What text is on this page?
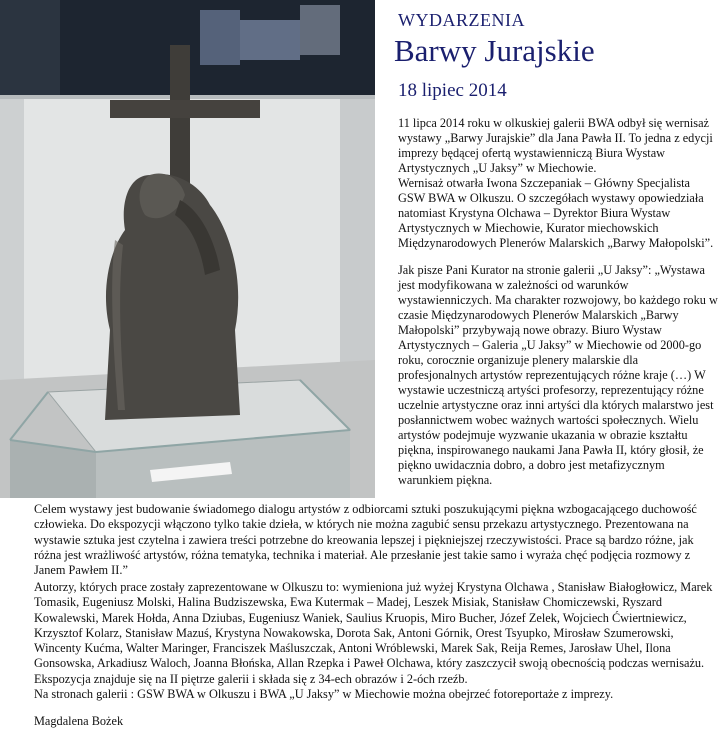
WYDARZENIA
Barwy Jurajskie
18 lipiec 2014

11 lipca 2014 roku w olkuskiej galerii BWA odbył się wernisaż wystawy „Barwy Jurajskie” dla Jana Pawła II. To jedna z edycji imprezy będącej ofertą wystawienniczą Biura Wystaw Artystycznych „U Jaksy” w Miechowie.

Wernisaż otwarła Iwona Szczepaniak – Główny Specjalista GSW BWA w Olkuszu. O szczegółach wystawy opowiedziała natomiast Krystyna Olchawa – Dyrektor Biura Wystaw Artystycznych w Miechowie, Kurator miechowskich Międzynarodowych Plenerów Malarskich „Barwy Małopolski”.

Jak pisze Pani Kurator na stronie galerii „U Jaksy”: „Wystawa jest modyfikowana w zależności od warunków wystawienniczych. Ma charakter rozwojowy, bo każdego roku w czasie Międzynarodowych Plenerów Malarskich „Barwy Małopolski” przybywają nowe obrazy. Biuro Wystaw Artystycznych – Galeria „U Jaksy” w Miechowie od 2000-go roku, corocznie organizuje plenery malarskie dla profesjonalnych artystów reprezentujących różne kraje (…) W wystawie uczestniczą artyści profesorzy, reprezentujący różne uczelnie artystyczne oraz inni artyści dla których malarstwo jest posłannictwem wobec ważnych wartości społecznych. Wielu artystów podejmuje wyzwanie ukazania w obrazie kształtu piękna, inspirowanego naukami Jana Pawła II, który głosił, że piękno uwidacznia dobro, a dobro jest metafizycznym warunkiem piękna.

Celem wystawy jest budowanie świadomego dialogu artystów z odbiorcami sztuki poszukującymi piękna wzbogacającego duchowość człowieka. Do ekspozycji włączono tylko takie dzieła, w których nie można zagubić sensu przekazu artystycznego. Prezentowana na wystawie sztuka jest czytelna i zawiera treści potrzebne do kreowania lepszej i piękniejszej rzeczywistości. Prace są bardzo różne, jak różna jest wrażliwość artystów, różna tematyka, technika i materiał. Ale przesłanie jest takie samo i wyraża chęć podjęcia rozmowy z Janem Pawłem II.”

Autorzy, których prace zostały zaprezentowane w Olkuszu to: wymieniona już wyżej Krystyna Olchawa , Stanisław Białogłowicz, Marek Tomasik, Eugeniusz Molski, Halina Budziszewska, Ewa Kutermak – Madej, Leszek Misiak, Stanisław Chomiczewski, Ryszard Kowalewski, Marek Hołda, Anna Dziubas, Eugeniusz Waniek, Saulius Kruopis, Miro Bucher, Józef Zelek, Wojciech Ćwiertniewicz, Krzysztof Kolarz, Stanisław Mazuś, Krystyna Nowakowska, Dorota Sak, Antoni Górnik, Orest Tsyupko, Mirosław Szumerowski, Wincenty Kućma, Walter Maringer, Franciszek Maśluszczak, Antoni Wróblewski, Marek Sak, Reija Remes, Jarosław Uhel, Ilona Gonsowska, Arkadiusz Waloch, Joanna Błońska, Allan Rzepka i Paweł Olchawa, który zaszczycił swoją obecnością podczas wernisażu. Ekspozycja znajduje się na II piętrze galerii i składa się z 34-ech obrazów i 2-óch rzeźb.

Na stronach galerii : GSW BWA w Olkuszu i BWA „U Jaksy” w Miechowie można obejrzeć fotoreportaże z imprezy.

Magdalena Bożek
